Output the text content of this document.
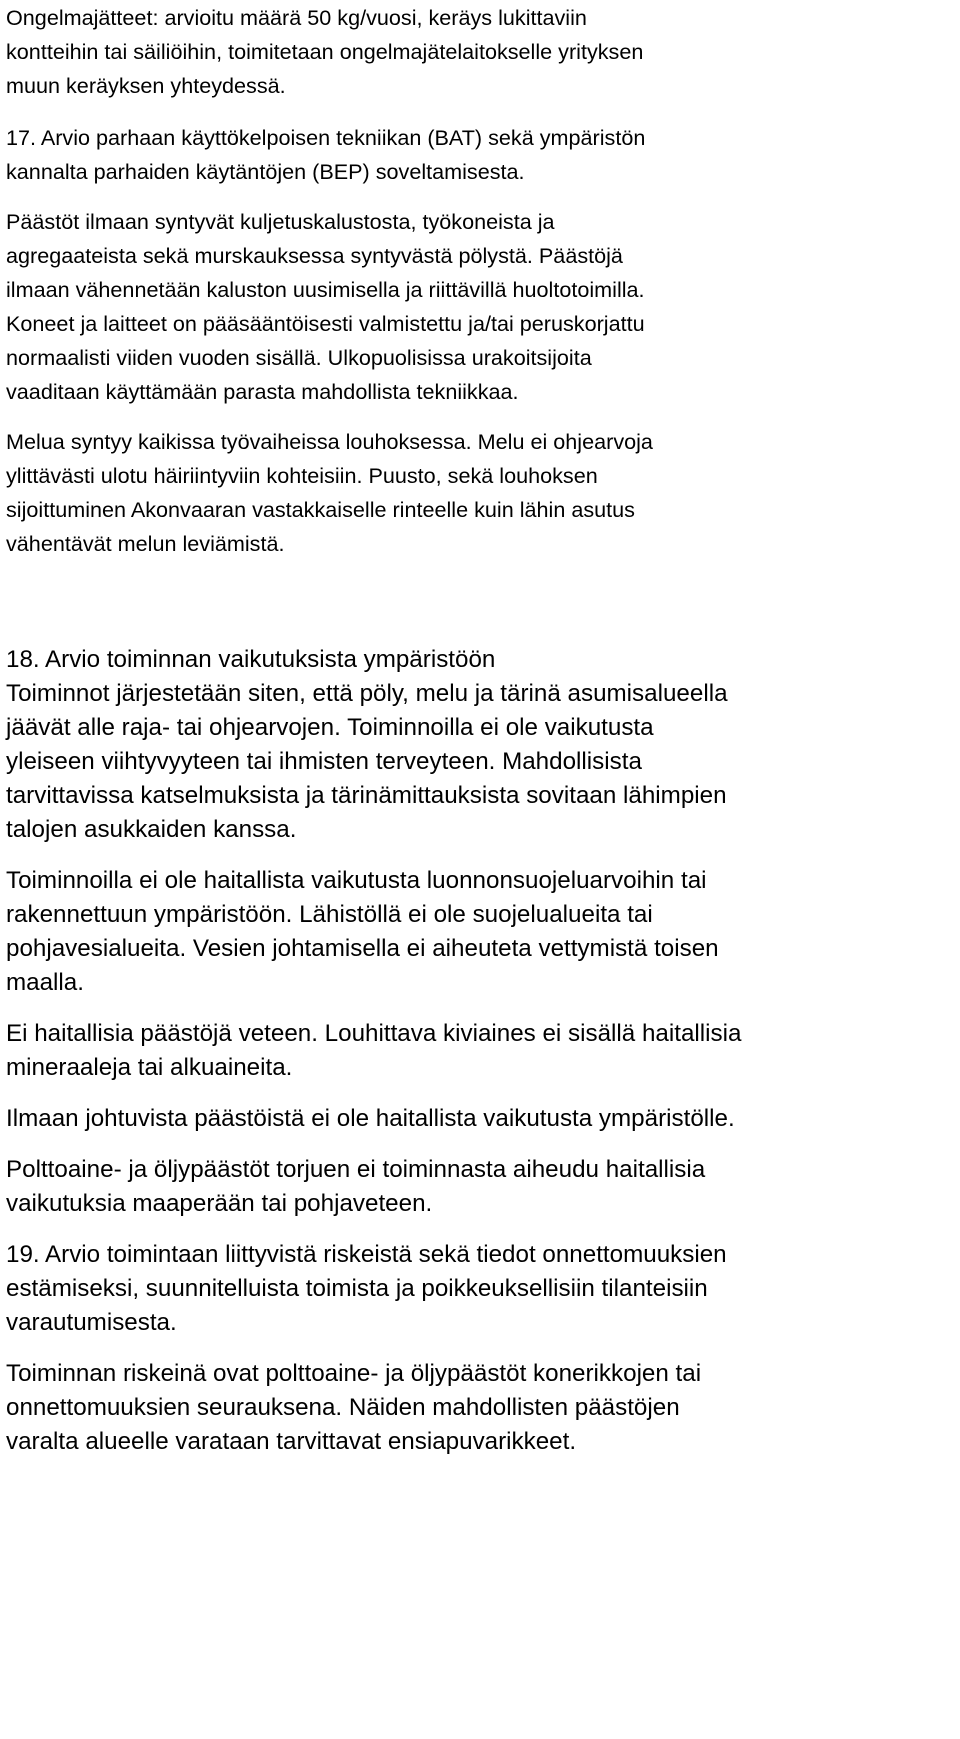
Ongelmajätteet: arvioitu määrä 50 kg/vuosi, keräys lukittaviin
kontteihin tai säiliöihin, toimitetaan ongelmajätelaitokselle yrityksen
muun keräyksen yhteydessä.

17. Arvio parhaan käyttökelpoisen tekniikan (BAT) sekä ympäristön
kannalta parhaiden käytäntöjen (BEP) soveltamisesta.

Päästöt ilmaan syntyvät kuljetuskalustosta, työkoneista ja
agregaateista sekä murskauksessa syntyvästä pölystä. Päästöjä
ilmaan vähennetään kaluston uusimisella ja riittävillä huoltotoimilla.
Koneet ja laitteet on pääsääntöisesti valmistettu ja/tai peruskorjattu
normaalisti viiden vuoden sisällä. Ulkopuolisissa urakoitsijoita
vaaditaan käyttämään parasta mahdollista tekniikkaa.

Melua syntyy kaikissa työvaiheissa louhoksessa. Melu ei ohjearvoja
ylittävästi ulotu häiriintyviin kohteisiin. Puusto, sekä louhoksen
sijoittuminen Akonvaaran vastakkaiselle rinteelle kuin lähin asutus
vähentävät melun leviämistä.

18. Arvio toiminnan vaikutuksista ympäristöön
Toiminnot järjestetään siten, että pöly, melu ja tärinä asumisalueella
jäävät alle raja- tai ohjearvojen. Toiminnoilla ei ole vaikutusta
yleiseen viihtyvyyteen tai ihmisten terveyteen. Mahdollisista
tarvittavissa katselmuksista ja tärinämittauksista sovitaan lähimpien
talojen asukkaiden kanssa.

Toiminnoilla ei ole haitallista vaikutusta luonnonsuojeluarvoihin tai
rakennettuun ympäristöön. Lähistöllä ei ole suojelualueita tai
pohjavesialueita. Vesien johtamisella ei aiheuteta vettymistä toisen
maalla.

Ei haitallisia päästöjä veteen. Louhittava kiviaines ei sisällä haitallisia
mineraaleja tai alkuaineita.

Ilmaan johtuvista päästöistä ei ole haitallista vaikutusta ympäristölle.

Polttoaine- ja öljypäästöt torjuen ei toiminnasta aiheudu haitallisia
vaikutuksia maaperään tai pohjaveteen.

19. Arvio toimintaan liittyvistä riskeistä sekä tiedot onnettomuuksien
estämiseksi, suunnitelluista toimista ja poikkeuksellisiin tilanteisiin
varautumisesta.

Toiminnan riskeinä ovat polttoaine- ja öljypäästöt konerikkojen tai
onnettomuuksien seurauksena. Näiden mahdollisten päästöjen
varalta alueelle varataan tarvittavat ensiapuvarikkeet.
